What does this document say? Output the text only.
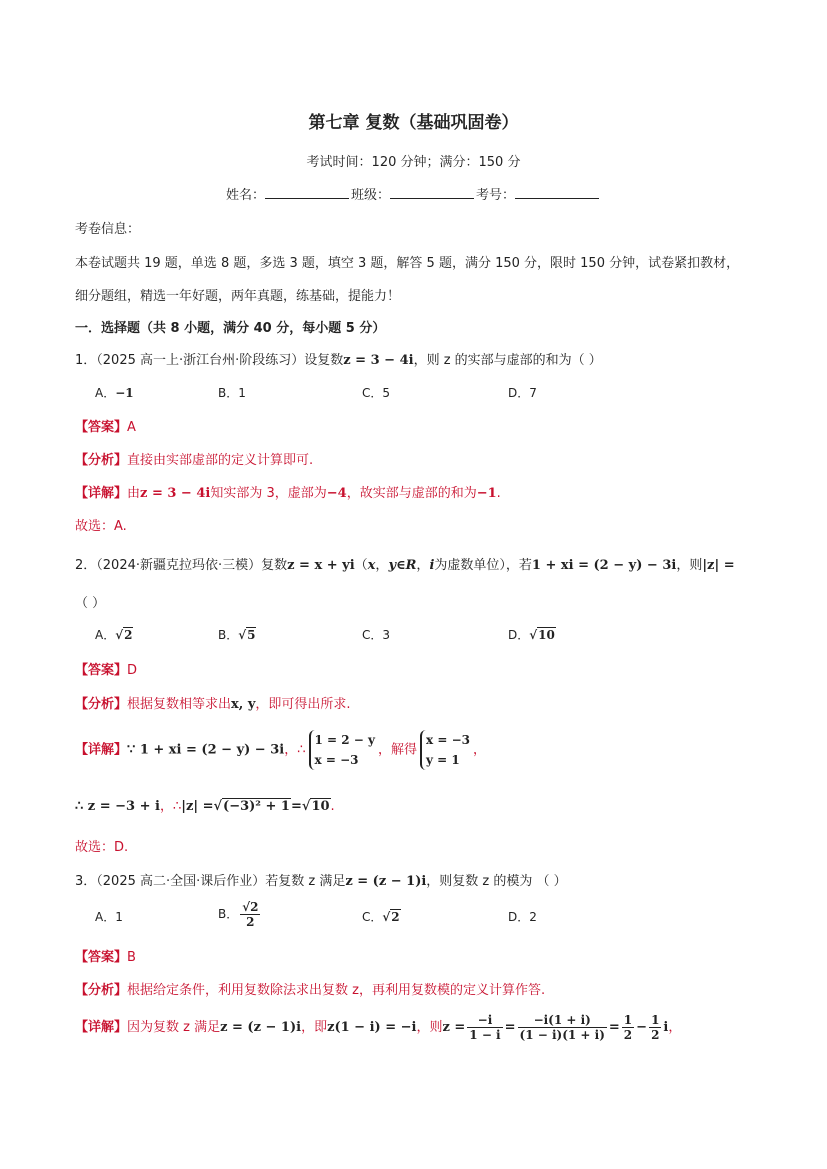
第七章 复数（基础巩固卷）
考试时间：120 分钟；满分：150 分
姓名：	班级：	考号：
考卷信息：
本卷试题共 19 题，单选 8 题，多选 3 题，填空 3 题，解答 5 题，满分 150 分，限时 150 分钟，试卷紧扣教材，
细分题组，精选一年好题，两年真题，练基础，提能力！
一．选择题（共 8 小题，满分 40 分，每小题 5 分）
1．（2025 高一上·浙江台州·阶段练习）设复数z = 3 − 4i，则 z 的实部与虚部的和为（ ）
A．−1	B．1	C．5	D．7
【答案】A
【分析】直接由实部虚部的定义计算即可.
【详解】由z = 3 − 4i知实部为 3，虚部为−4，故实部与虚部的和为−1.
故选：A.
2．（2024·新疆克拉玛依·三模）复数z = x + yi（x，y∈R，i为虚数单位），若1 + xi = (2 − y) − 3i，则|z| =
（ ）
A．√2	B．√5	C．3	D．√10
【答案】D
【分析】根据复数相等求出x, y，即可得出所求.
【详解】∵ 1 + xi = (2 − y) − 3i，∴
1 = 2 − y
x = −3
，解得
x = −3
y = 1
，
∴ z = −3 + i，∴|z| =√(−3)² + 1=√10.
故选：D.
3．（2025 高二·全国·课后作业）若复数 z 满足z = (z − 1)i，则复数 z 的模为 （ ）
A．1	B． $\frac{√2}{2}$	C．√2	D．2
【答案】B
【分析】根据给定条件，利用复数除法求出复数 z，再利用复数模的定义计算作答.
【详解】因为复数 z 满足z = (z − 1)i，即z(1 − i) = −i，则$z = \frac{-i}{1 - i} = \frac{-i(1 + i)}{(1 - i)(1 + i)} = \frac{1}{2} - \frac{1}{2}$ i，
